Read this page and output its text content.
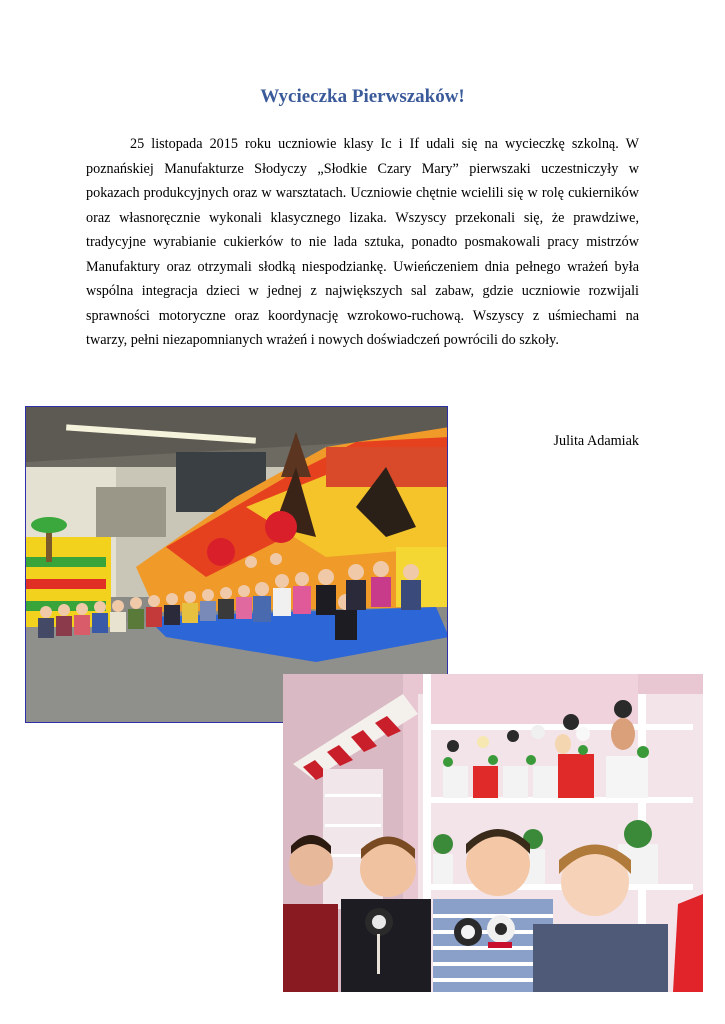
Wycieczka Pierwszaków!

25 listopada 2015 roku uczniowie klasy Ic i If udali się na wycieczkę szkolną. W poznańskiej Manufakturze Słodyczy „Słodkie Czary Mary” pierwszaki uczestniczyły w pokazach produkcyjnych oraz w warsztatach. Uczniowie chętnie wcielili się w rolę cukierników oraz własnoręcznie wykonali klasycznego lizaka. Wszyscy przekonali się, że prawdziwe, tradycyjne wyrabianie cukierków to nie lada sztuka, ponadto posmakowali pracy mistrzów Manufaktury oraz otrzymali słodką niespodziankę. Uwieńczeniem dnia pełnego wrażeń była wspólna integracja dzieci w jednej z największych sal zabaw, gdzie uczniowie rozwijali sprawności motoryczne oraz koordynację wzrokowo-ruchową. Wszyscy z uśmiechami na twarzy, pełni niezapomnianych wrażeń i nowych doświadczeń powrócili do szkoły.

Julita Adamiak
